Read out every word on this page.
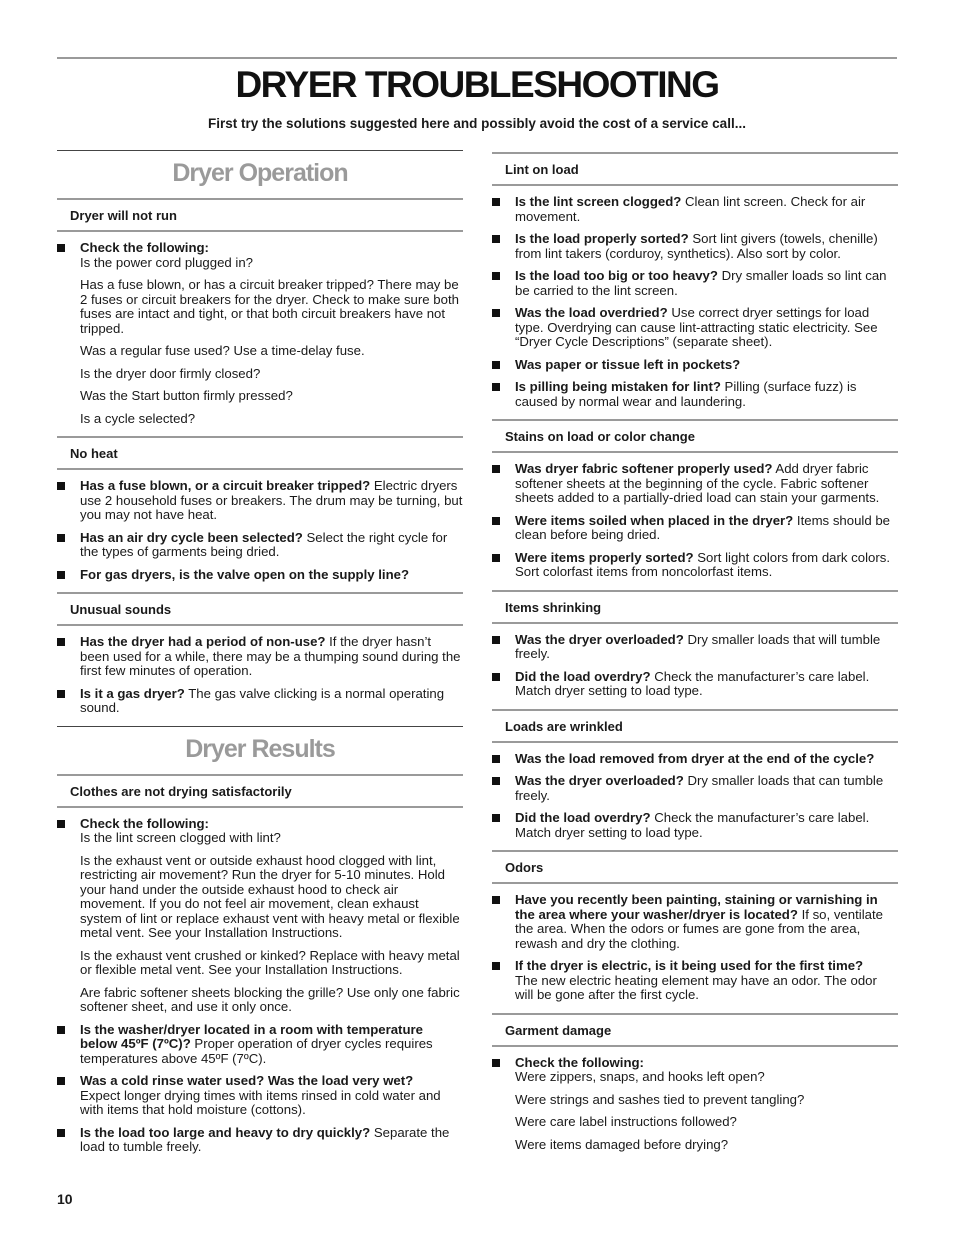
DRYER TROUBLESHOOTING
First try the solutions suggested here and possibly avoid the cost of a service call...
Dryer Operation
Dryer will not run
Check the following:
Is the power cord plugged in?

Has a fuse blown, or has a circuit breaker tripped? There may be 2 fuses or circuit breakers for the dryer. Check to make sure both fuses are intact and tight, or that both circuit breakers have not tripped.

Was a regular fuse used? Use a time-delay fuse.

Is the dryer door firmly closed?

Was the Start button firmly pressed?

Is a cycle selected?

No heat
Has a fuse blown, or a circuit breaker tripped? Electric dryers use 2 household fuses or breakers. The drum may be turning, but you may not have heat.
Has an air dry cycle been selected? Select the right cycle for the types of garments being dried.
For gas dryers, is the valve open on the supply line?
Unusual sounds
Has the dryer had a period of non-use? If the dryer hasn’t been used for a while, there may be a thumping sound during the first few minutes of operation.
Is it a gas dryer? The gas valve clicking is a normal operating sound.
Dryer Results
Clothes are not drying satisfactorily
Check the following:
Is the lint screen clogged with lint?

Is the exhaust vent or outside exhaust hood clogged with lint, restricting air movement? Run the dryer for 5-10 minutes. Hold your hand under the outside exhaust hood to check air movement. If you do not feel air movement, clean exhaust system of lint or replace exhaust vent with heavy metal or flexible metal vent. See your Installation Instructions.

Is the exhaust vent crushed or kinked? Replace with heavy metal or flexible metal vent. See your Installation Instructions.

Are fabric softener sheets blocking the grille? Use only one fabric softener sheet, and use it only once.

Is the washer/dryer located in a room with temperature below 45ºF (7ºC)? Proper operation of dryer cycles requires temperatures above 45ºF (7ºC).
Was a cold rinse water used? Was the load very wet?
Expect longer drying times with items rinsed in cold water and with items that hold moisture (cottons).
Is the load too large and heavy to dry quickly? Separate the load to tumble freely.
Lint on load
Is the lint screen clogged? Clean lint screen. Check for air movement.
Is the load properly sorted? Sort lint givers (towels, chenille) from lint takers (corduroy, synthetics). Also sort by color.
Is the load too big or too heavy? Dry smaller loads so lint can be carried to the lint screen.
Was the load overdried? Use correct dryer settings for load type. Overdrying can cause lint-attracting static electricity. See “Dryer Cycle Descriptions” (separate sheet).
Was paper or tissue left in pockets?
Is pilling being mistaken for lint? Pilling (surface fuzz) is caused by normal wear and laundering.
Stains on load or color change
Was dryer fabric softener properly used? Add dryer fabric softener sheets at the beginning of the cycle. Fabric softener sheets added to a partially-dried load can stain your garments.
Were items soiled when placed in the dryer? Items should be clean before being dried.
Were items properly sorted? Sort light colors from dark colors. Sort colorfast items from noncolorfast items.
Items shrinking
Was the dryer overloaded? Dry smaller loads that will tumble freely.
Did the load overdry? Check the manufacturer’s care label. Match dryer setting to load type.
Loads are wrinkled
Was the load removed from dryer at the end of the cycle?
Was the dryer overloaded? Dry smaller loads that can tumble freely.
Did the load overdry? Check the manufacturer’s care label. Match dryer setting to load type.
Odors
Have you recently been painting, staining or varnishing in the area where your washer/dryer is located? If so, ventilate the area. When the odors or fumes are gone from the area, rewash and dry the clothing.
If the dryer is electric, is it being used for the first time?
The new electric heating element may have an odor. The odor will be gone after the first cycle.
Garment damage
Check the following:
Were zippers, snaps, and hooks left open?

Were strings and sashes tied to prevent tangling?

Were care label instructions followed?

Were items damaged before drying?

10
